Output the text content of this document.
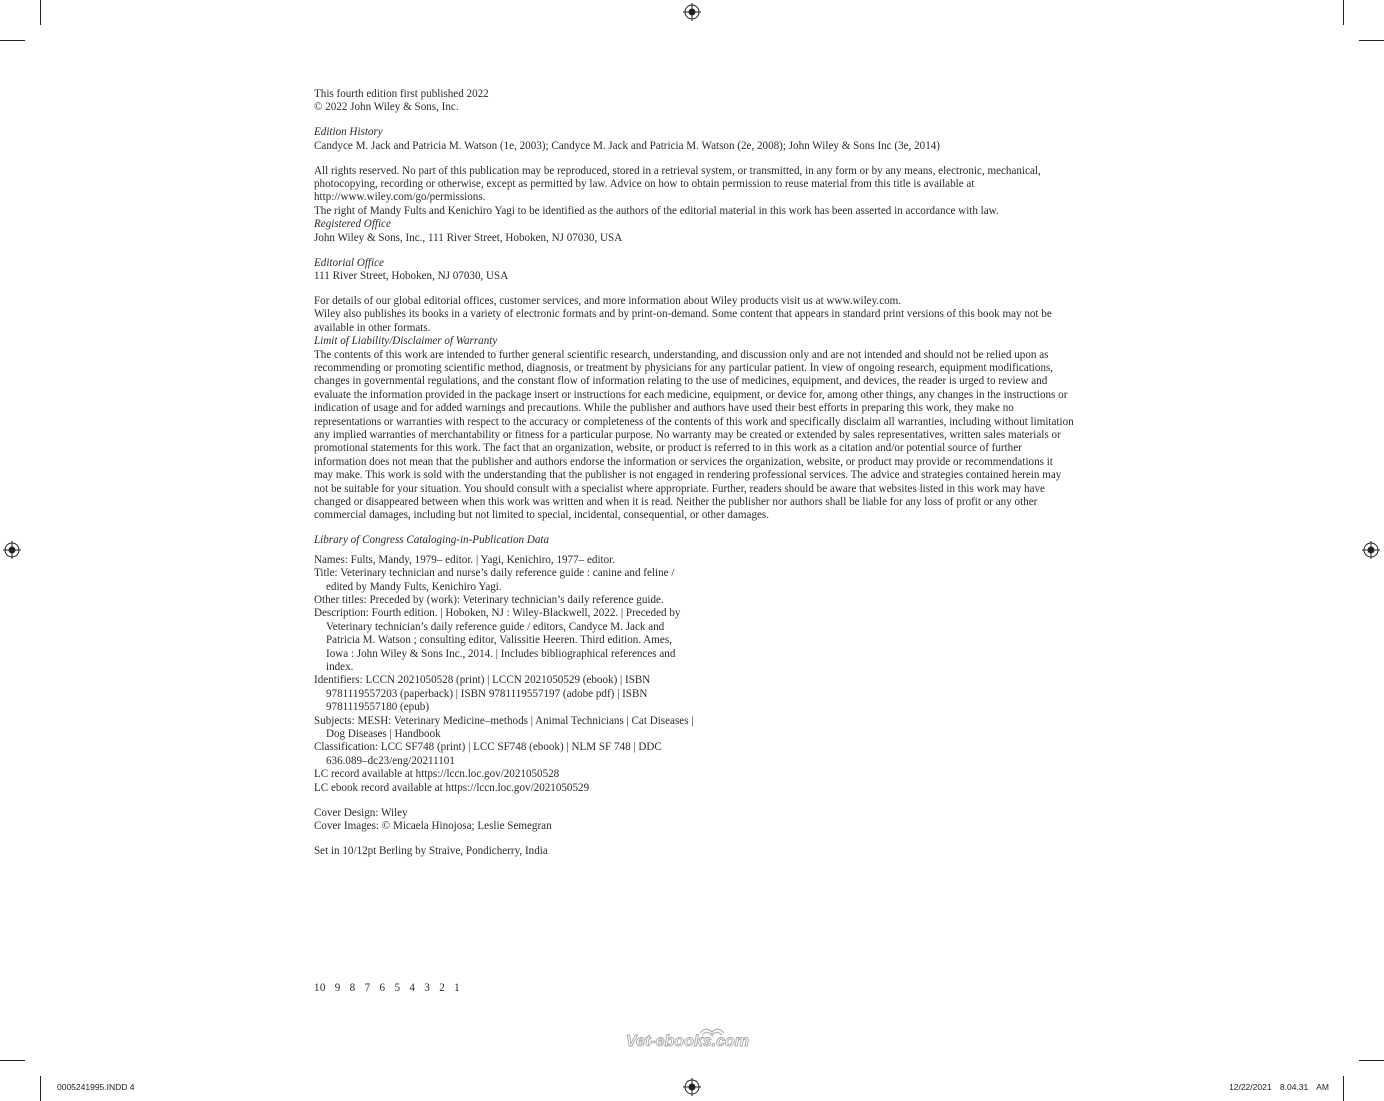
This fourth edition first published 2022

© 2022 John Wiley & Sons, Inc.

Edition History

Candyce M. Jack and Patricia M. Watson (1e, 2003); Candyce M. Jack and Patricia M. Watson (2e, 2008); John Wiley & Sons Inc (3e, 2014)

All rights reserved. No part of this publication may be reproduced, stored in a retrieval system, or transmitted, in any form or by any means, electronic, mechanical, photocopying, recording or otherwise, except as permitted by law. Advice on how to obtain permission to reuse material from this title is available at http://www.wiley.com/go/permissions.

The right of Mandy Fults and Kenichiro Yagi to be identified as the authors of the editorial material in this work has been asserted in accordance with law.

Registered Office

John Wiley & Sons, Inc., 111 River Street, Hoboken, NJ 07030, USA

Editorial Office

111 River Street, Hoboken, NJ 07030, USA

For details of our global editorial offices, customer services, and more information about Wiley products visit us at www.wiley.com.

Wiley also publishes its books in a variety of electronic formats and by print-on-demand. Some content that appears in standard print versions of this book may not be available in other formats.

Limit of Liability/Disclaimer of Warranty

The contents of this work are intended to further general scientific research, understanding, and discussion only and are not intended and should not be relied upon as recommending or promoting scientific method, diagnosis, or treatment by physicians for any particular patient. In view of ongoing research, equipment modifications, changes in governmental regulations, and the constant flow of information relating to the use of medicines, equipment, and devices, the reader is urged to review and evaluate the information provided in the package insert or instructions for each medicine, equipment, or device for, among other things, any changes in the instructions or indication of usage and for added warnings and precautions. While the publisher and authors have used their best efforts in preparing this work, they make no representations or warranties with respect to the accuracy or completeness of the contents of this work and specifically disclaim all warranties, including without limitation any implied warranties of merchantability or fitness for a particular purpose. No warranty may be created or extended by sales representatives, written sales materials or promotional statements for this work. The fact that an organization, website, or product is referred to in this work as a citation and/or potential source of further information does not mean that the publisher and authors endorse the information or services the organization, website, or product may provide or recommendations it may make. This work is sold with the understanding that the publisher is not engaged in rendering professional services. The advice and strategies contained herein may not be suitable for your situation. You should consult with a specialist where appropriate. Further, readers should be aware that websites listed in this work may have changed or disappeared between when this work was written and when it is read. Neither the publisher nor authors shall be liable for any loss of profit or any other commercial damages, including but not limited to special, incidental, consequential, or other damages.

Library of Congress Cataloging-in-Publication Data

Names: Fults, Mandy, 1979– editor. | Yagi, Kenichiro, 1977– editor.

Title: Veterinary technician and nurse’s daily reference guide : canine and feline / edited by Mandy Fults, Kenichiro Yagi.

Other titles: Preceded by (work): Veterinary technician’s daily reference guide.

Description: Fourth edition. | Hoboken, NJ : Wiley-Blackwell, 2022. | Preceded by Veterinary technician’s daily reference guide / editors, Candyce M. Jack and Patricia M. Watson ; consulting editor, Valissitie Heeren. Third edition. Ames, Iowa : John Wiley & Sons Inc., 2014. | Includes bibliographical references and index.

Identifiers: LCCN 2021050528 (print) | LCCN 2021050529 (ebook) | ISBN 9781119557203 (paperback) | ISBN 9781119557197 (adobe pdf) | ISBN 9781119557180 (epub)

Subjects: MESH: Veterinary Medicine–methods | Animal Technicians | Cat Diseases | Dog Diseases | Handbook

Classification: LCC SF748 (print) | LCC SF748 (ebook) | NLM SF 748 | DDC 636.089–dc23/eng/20211101

LC record available at https://lccn.loc.gov/2021050528

LC ebook record available at https://lccn.loc.gov/2021050529

Cover Design: Wiley

Cover Images: © Micaela Hinojosa; Leslie Semegran

Set in 10/12pt Berling by Straive, Pondicherry, India

10 9 8 7 6 5 4 3 2 1
Vet-ebooks.com
0005241995.INDD 4	12/22/2021 8.04.31 AM
